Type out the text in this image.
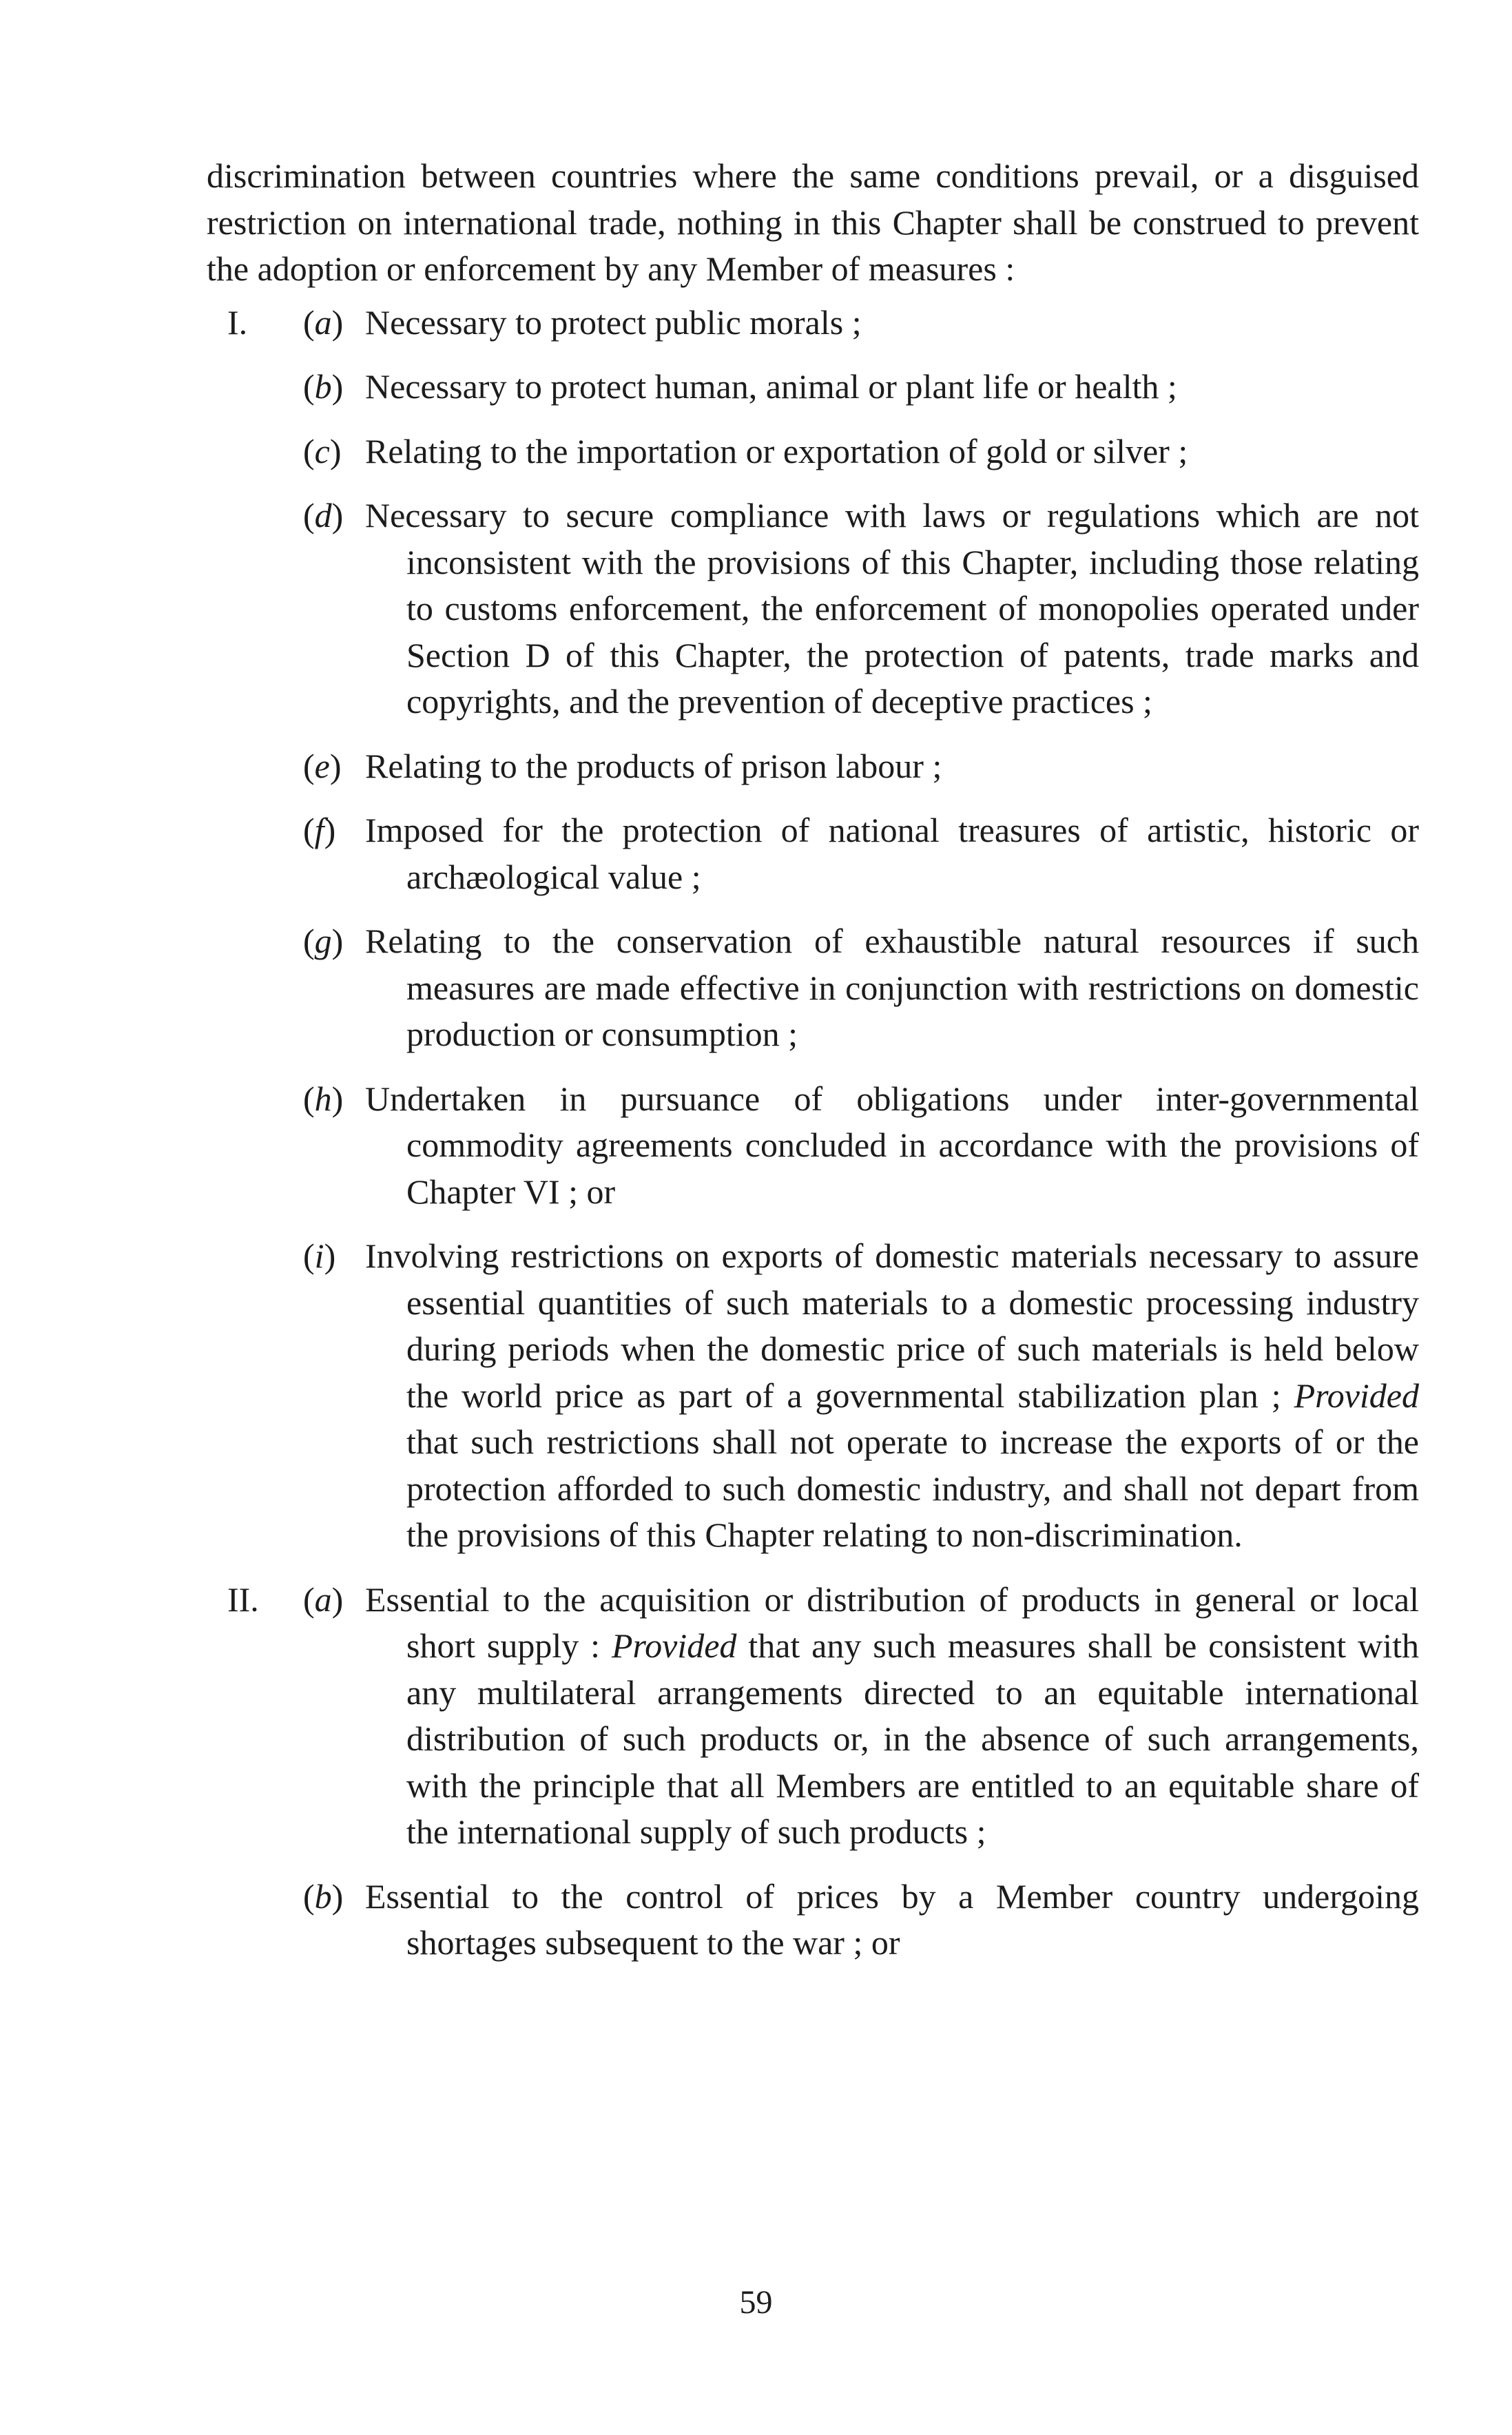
discrimination between countries where the same conditions prevail, or a disguised restriction on international trade, nothing in this Chapter shall be construed to prevent the adoption or enforcement by any Member of measures :

I.	(a) Necessary to protect public morals ;
(b) Necessary to protect human, animal or plant life or health ;
(c) Relating to the importation or exportation of gold or silver ;
(d) Necessary to secure compliance with laws or regulations which are not inconsistent with the provisions of this Chapter, including those relating to customs enforcement, the enforcement of monopolies operated under Section D of this Chapter, the protection of patents, trade marks and copyrights, and the prevention of deceptive practices ;
(e) Relating to the products of prison labour ;
(f) Imposed for the protection of national treasures of artistic, historic or archæological value ;
(g) Relating to the conservation of exhaustible natural resources if such measures are made effective in conjunction with restrictions on domestic production or consumption ;
(h) Undertaken in pursuance of obligations under inter-governmental commodity agreements concluded in accordance with the provisions of Chapter VI ; or
(i) Involving restrictions on exports of domestic materials necessary to assure essential quantities of such materials to a domestic processing industry during periods when the domestic price of such materials is held below the world price as part of a governmental stabilization plan ; Provided that such restrictions shall not operate to increase the exports of or the protection afforded to such domestic industry, and shall not depart from the provisions of this Chapter relating to non-discrimination.
II.	(a) Essential to the acquisition or distribution of products in general or local short supply : Provided that any such measures shall be consistent with any multilateral arrangements directed to an equitable international distribution of such products or, in the absence of such arrangements, with the principle that all Members are entitled to an equitable share of the international supply of such products ;
(b) Essential to the control of prices by a Member country undergoing shortages subsequent to the war ; or
59
